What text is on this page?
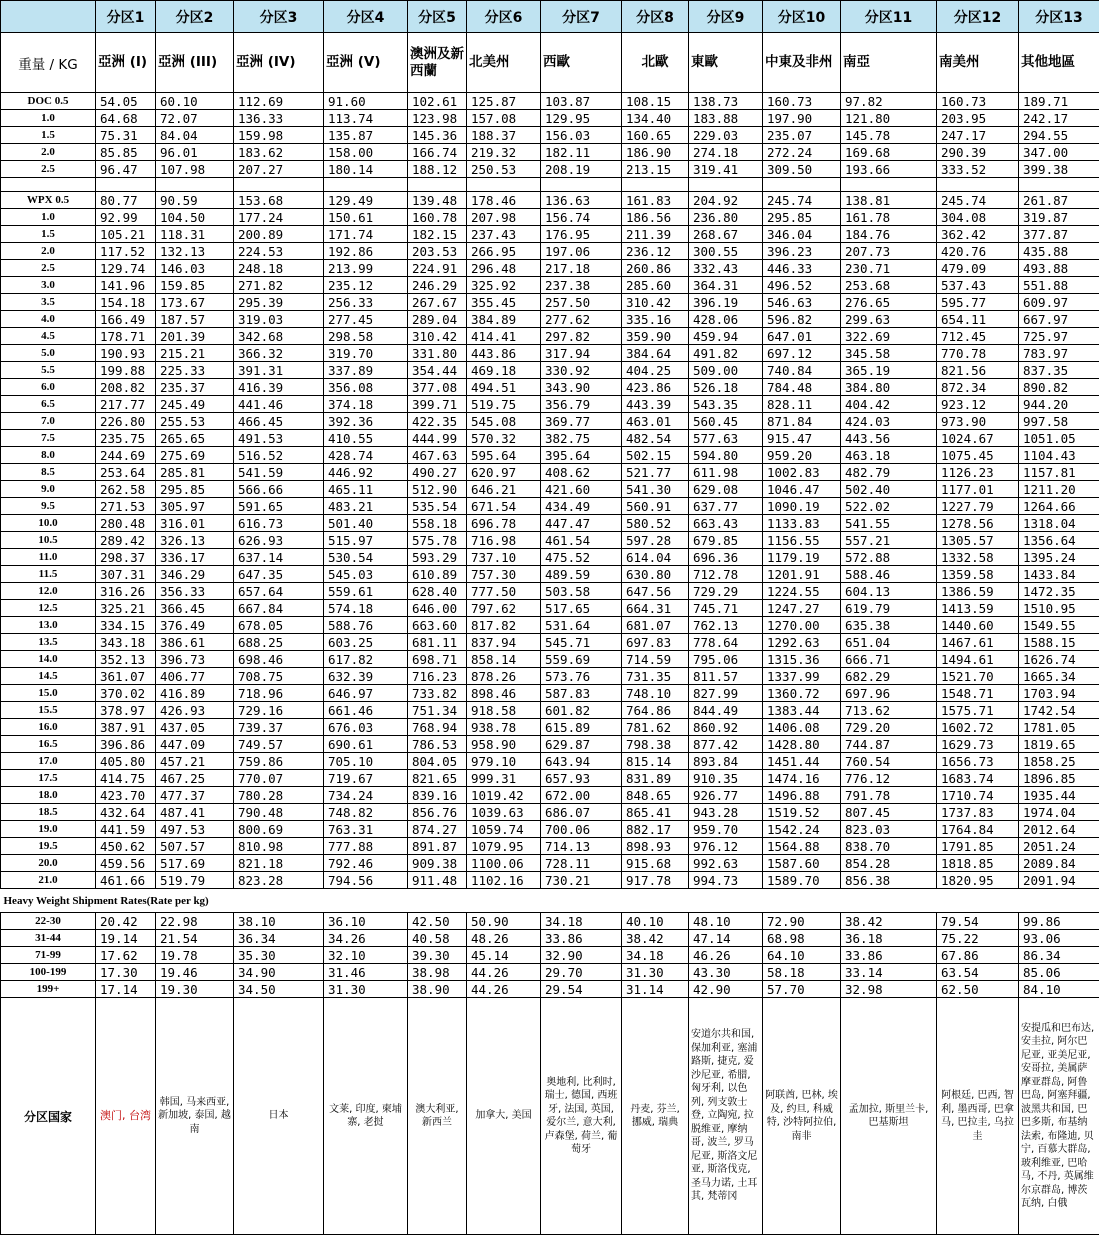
	分区1	分区2	分区3	分区4	分区5	分区6	分区7	分区8	分区9	分区10	分区11	分区12	分区13
重量 / KG	亞洲 (I)	亞洲 (III)	亞洲 (IV)	亞洲 (V)	澳洲及新西蘭	北美州	西歐	北歐	東歐	中東及非州	南亞	南美州	其他地區
DOC 0.5	54.05	60.10	112.69	91.60	102.61	125.87	103.87	108.15	138.73	160.73	97.82	160.73	189.71
1.0	64.68	72.07	136.33	113.74	123.98	157.08	129.95	134.40	183.88	197.90	121.80	203.95	242.17
1.5	75.31	84.04	159.98	135.87	145.36	188.37	156.03	160.65	229.03	235.07	145.78	247.17	294.55
2.0	85.85	96.01	183.62	158.00	166.74	219.32	182.11	186.90	274.18	272.24	169.68	290.39	347.00
2.5	96.47	107.98	207.27	180.14	188.12	250.53	208.19	213.15	319.41	309.50	193.66	333.52	399.38

WPX 0.5	80.77	90.59	153.68	129.49	139.48	178.46	136.63	161.83	204.92	245.74	138.81	245.74	261.87
1.0	92.99	104.50	177.24	150.61	160.78	207.98	156.74	186.56	236.80	295.85	161.78	304.08	319.87
1.5	105.21	118.31	200.89	171.74	182.15	237.43	176.95	211.39	268.67	346.04	184.76	362.42	377.87
2.0	117.52	132.13	224.53	192.86	203.53	266.95	197.06	236.12	300.55	396.23	207.73	420.76	435.88
2.5	129.74	146.03	248.18	213.99	224.91	296.48	217.18	260.86	332.43	446.33	230.71	479.09	493.88
3.0	141.96	159.85	271.82	235.12	246.29	325.92	237.38	285.60	364.31	496.52	253.68	537.43	551.88
3.5	154.18	173.67	295.39	256.33	267.67	355.45	257.50	310.42	396.19	546.63	276.65	595.77	609.97
4.0	166.49	187.57	319.03	277.45	289.04	384.89	277.62	335.16	428.06	596.82	299.63	654.11	667.97
4.5	178.71	201.39	342.68	298.58	310.42	414.41	297.82	359.90	459.94	647.01	322.69	712.45	725.97
5.0	190.93	215.21	366.32	319.70	331.80	443.86	317.94	384.64	491.82	697.12	345.58	770.78	783.97
5.5	199.88	225.33	391.31	337.89	354.44	469.18	330.92	404.25	509.00	740.84	365.19	821.56	837.35
6.0	208.82	235.37	416.39	356.08	377.08	494.51	343.90	423.86	526.18	784.48	384.80	872.34	890.82
6.5	217.77	245.49	441.46	374.18	399.71	519.75	356.79	443.39	543.35	828.11	404.42	923.12	944.20
7.0	226.80	255.53	466.45	392.36	422.35	545.08	369.77	463.01	560.45	871.84	424.03	973.90	997.58
7.5	235.75	265.65	491.53	410.55	444.99	570.32	382.75	482.54	577.63	915.47	443.56	1024.67	1051.05
8.0	244.69	275.69	516.52	428.74	467.63	595.64	395.64	502.15	594.80	959.20	463.18	1075.45	1104.43
8.5	253.64	285.81	541.59	446.92	490.27	620.97	408.62	521.77	611.98	1002.83	482.79	1126.23	1157.81
9.0	262.58	295.85	566.66	465.11	512.90	646.21	421.60	541.30	629.08	1046.47	502.40	1177.01	1211.20
9.5	271.53	305.97	591.65	483.21	535.54	671.54	434.49	560.91	637.77	1090.19	522.02	1227.79	1264.66
10.0	280.48	316.01	616.73	501.40	558.18	696.78	447.47	580.52	663.43	1133.83	541.55	1278.56	1318.04
10.5	289.42	326.13	626.93	515.97	575.78	716.98	461.54	597.28	679.85	1156.55	557.21	1305.57	1356.64
11.0	298.37	336.17	637.14	530.54	593.29	737.10	475.52	614.04	696.36	1179.19	572.88	1332.58	1395.24
11.5	307.31	346.29	647.35	545.03	610.89	757.30	489.59	630.80	712.78	1201.91	588.46	1359.58	1433.84
12.0	316.26	356.33	657.64	559.61	628.40	777.50	503.58	647.56	729.29	1224.55	604.13	1386.59	1472.35
12.5	325.21	366.45	667.84	574.18	646.00	797.62	517.65	664.31	745.71	1247.27	619.79	1413.59	1510.95
13.0	334.15	376.49	678.05	588.76	663.60	817.82	531.64	681.07	762.13	1270.00	635.38	1440.60	1549.55
13.5	343.18	386.61	688.25	603.25	681.11	837.94	545.71	697.83	778.64	1292.63	651.04	1467.61	1588.15
14.0	352.13	396.73	698.46	617.82	698.71	858.14	559.69	714.59	795.06	1315.36	666.71	1494.61	1626.74
14.5	361.07	406.77	708.75	632.39	716.23	878.26	573.76	731.35	811.57	1337.99	682.29	1521.70	1665.34
15.0	370.02	416.89	718.96	646.97	733.82	898.46	587.83	748.10	827.99	1360.72	697.96	1548.71	1703.94
15.5	378.97	426.93	729.16	661.46	751.34	918.58	601.82	764.86	844.49	1383.44	713.62	1575.71	1742.54
16.0	387.91	437.05	739.37	676.03	768.94	938.78	615.89	781.62	860.92	1406.08	729.20	1602.72	1781.05
16.5	396.86	447.09	749.57	690.61	786.53	958.90	629.87	798.38	877.42	1428.80	744.87	1629.73	1819.65
17.0	405.80	457.21	759.86	705.10	804.05	979.10	643.94	815.14	893.84	1451.44	760.54	1656.73	1858.25
17.5	414.75	467.25	770.07	719.67	821.65	999.31	657.93	831.89	910.35	1474.16	776.12	1683.74	1896.85
18.0	423.70	477.37	780.28	734.24	839.16	1019.42	672.00	848.65	926.77	1496.88	791.78	1710.74	1935.44
18.5	432.64	487.41	790.48	748.82	856.76	1039.63	686.07	865.41	943.28	1519.52	807.45	1737.83	1974.04
19.0	441.59	497.53	800.69	763.31	874.27	1059.74	700.06	882.17	959.70	1542.24	823.03	1764.84	2012.64
19.5	450.62	507.57	810.98	777.88	891.87	1079.95	714.13	898.93	976.12	1564.88	838.70	1791.85	2051.24
20.0	459.56	517.69	821.18	792.46	909.38	1100.06	728.11	915.68	992.63	1587.60	854.28	1818.85	2089.84
21.0	461.66	519.79	823.28	794.56	911.48	1102.16	730.21	917.78	994.73	1589.70	856.38	1820.95	2091.94
Heavy Weight Shipment Rates(Rate per kg)													
22-30	20.42	22.98	38.10	36.10	42.50	50.90	34.18	40.10	48.10	72.90	38.42	79.54	99.86
31-44	19.14	21.54	36.34	34.26	40.58	48.26	33.86	38.42	47.14	68.98	36.18	75.22	93.06
71-99	17.62	19.78	35.30	32.10	39.30	45.14	32.90	34.18	46.26	64.10	33.86	67.86	86.34
100-199	17.30	19.46	34.90	31.46	38.98	44.26	29.70	31.30	43.30	58.18	33.14	63.54	85.06
199+	17.14	19.30	34.50	31.30	38.90	44.26	29.54	31.14	42.90	57.70	32.98	62.50	84.10
分区国家	澳门, 台湾	韩国, 马来西亚, 新加坡, 泰国, 越南	日本	文莱, 印度, 柬埔寨, 老挝	澳大利亚, 新西兰	加拿大, 美国	奥地利, 比利时, 瑞士, 德国, 西班牙, 法国, 英国, 爱尔兰, 意大利, 卢森堡, 荷兰, 葡萄牙	丹麦, 芬兰, 挪威, 瑞典	安道尔共和国, 保加利亚, 塞浦路斯, 捷克, 爱沙尼亚, 希腊, 匈牙利, 以色列, 列支敦士登, 立陶宛, 拉脱维亚, 摩纳哥, 波兰, 罗马尼亚, 斯洛文尼亚, 斯洛伐克, 圣马力诺, 土耳其, 梵蒂冈	阿联酋, 巴林, 埃及, 约旦, 科威特, 沙特阿拉伯, 南非	孟加拉, 斯里兰卡, 巴基斯坦	阿根廷, 巴西, 智利, 墨西哥, 巴拿马, 巴拉圭, 乌拉圭	安提瓜和巴布达, 安圭拉, 阿尔巴尼亚, 亚美尼亚, 安哥拉, 美属萨摩亚群岛, 阿鲁巴岛, 阿塞拜疆, 波黑共和国, 巴巴多斯, 布基纳法索, 布隆迪, 贝宁, 百慕大群岛, 玻利维亚, 巴哈马, 不丹, 英属维尔京群岛, 博茨瓦纳, 白俄
